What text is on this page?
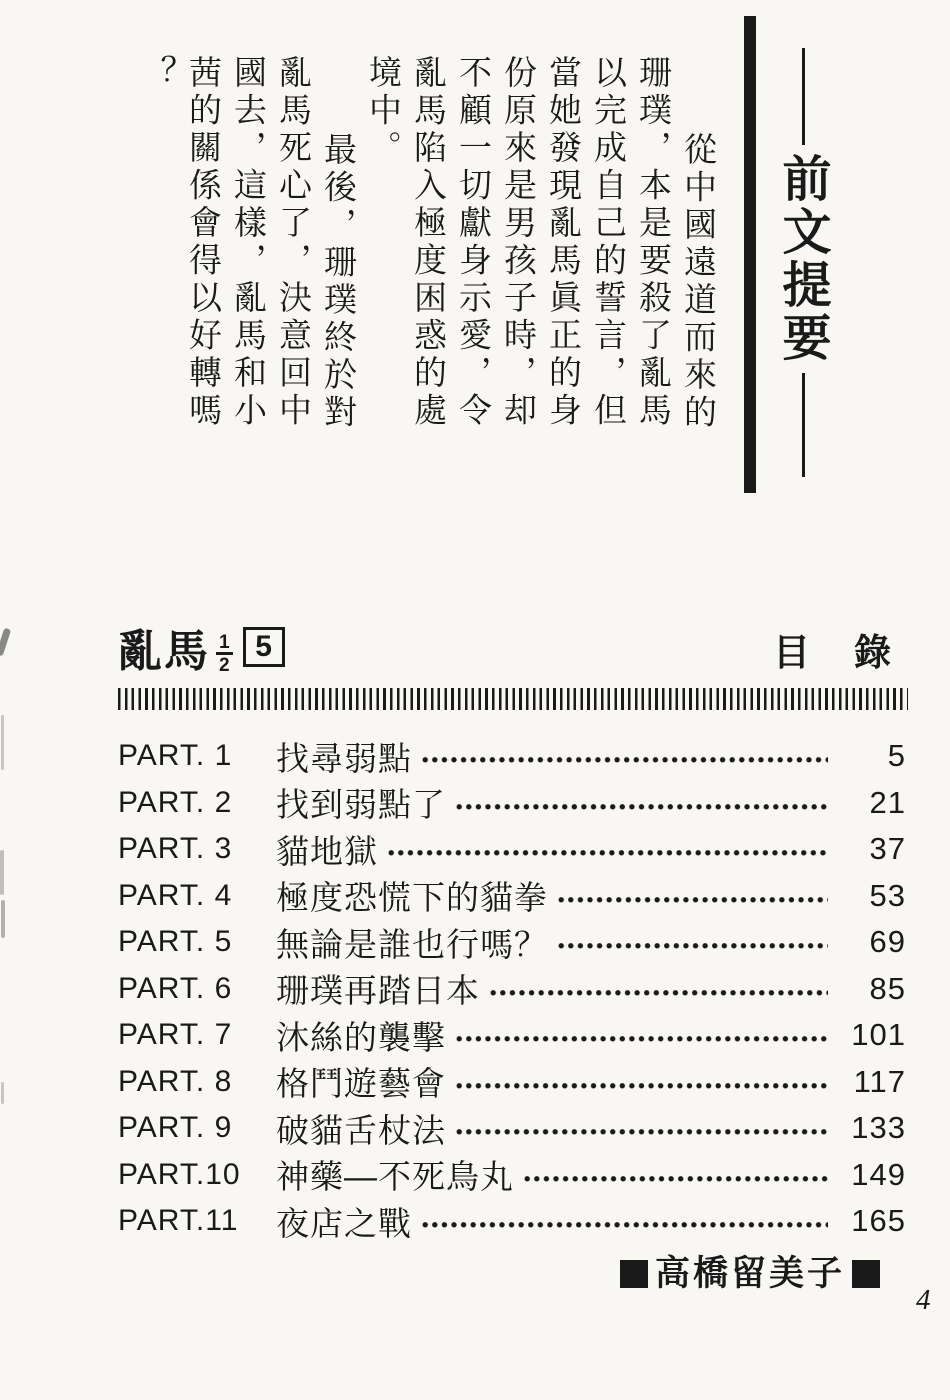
前文提要
從中國遠道而來的
珊璞，本是要殺了亂馬
以完成自己的誓言，但
當她發現亂馬眞正的身
份原來是男孩子時，却
不顧一切獻身示愛，令
亂馬陷入極度困惑的處
境中。
最後，珊璞終於對
亂馬死心了，決意回中
國去，這樣，亂馬和小
茜的關係會得以好轉嗎
？
亂馬 $\frac{1}{2} 5$	目 錄
PART. 1	找尋弱點	5
PART. 2	找到弱點了	21
PART. 3	貓地獄	37
PART. 4	極度恐慌下的貓拳	53
PART. 5	無論是誰也行嗎？	69
PART. 6	珊璞再踏日本	85
PART. 7	沐絲的襲擊	101
PART. 8	格鬥遊藝會	117
PART. 9	破貓舌杖法	133
PART.10	神藥—不死鳥丸	149
PART.11	夜店之戰	165
高橋留美子
4
